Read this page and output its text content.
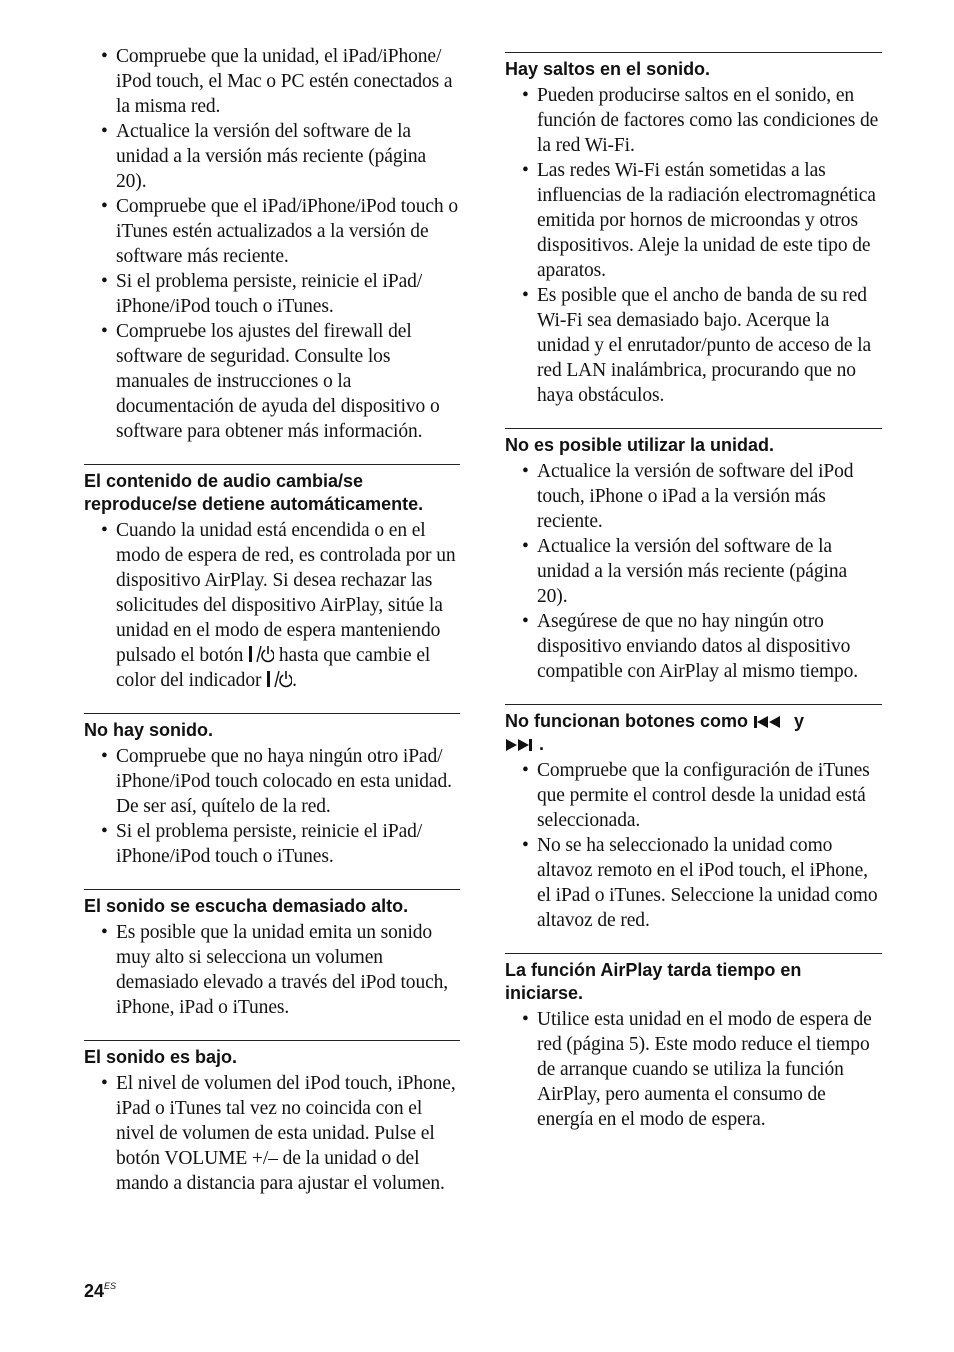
• Compruebe que la unidad, el iPad/iPhone/ iPod touch, el Mac o PC estén conectados a la misma red.
• Actualice la versión del software de la unidad a la versión más reciente (página 20).
• Compruebe que el iPad/iPhone/iPod touch o iTunes estén actualizados a la versión de software más reciente.
• Si el problema persiste, reinicie el iPad/ iPhone/iPod touch o iTunes.
• Compruebe los ajustes del firewall del software de seguridad. Consulte los manuales de instrucciones o la documentación de ayuda del dispositivo o software para obtener más información.
El contenido de audio cambia/se reproduce/se detiene automáticamente.
• Cuando la unidad está encendida o en el modo de espera de red, es controlada por un dispositivo AirPlay. Si desea rechazar las solicitudes del dispositivo AirPlay, sitúe la unidad en el modo de espera manteniendo pulsado el botón hasta que cambie el color del indicador .
No hay sonido.
• Compruebe que no haya ningún otro iPad/ iPhone/iPod touch colocado en esta unidad. De ser así, quítelo de la red.
• Si el problema persiste, reinicie el iPad/ iPhone/iPod touch o iTunes.
El sonido se escucha demasiado alto.
• Es posible que la unidad emita un sonido muy alto si selecciona un volumen demasiado elevado a través del iPod touch, iPhone, iPad o iTunes.
El sonido es bajo.
• El nivel de volumen del iPod touch, iPhone, iPad o iTunes tal vez no coincida con el nivel de volumen de esta unidad. Pulse el botón VOLUME +/– de la unidad o del mando a distancia para ajustar el volumen.
Hay saltos en el sonido.
• Pueden producirse saltos en el sonido, en función de factores como las condiciones de la red Wi-Fi.
• Las redes Wi-Fi están sometidas a las influencias de la radiación electromagnética emitida por hornos de microondas y otros dispositivos. Aleje la unidad de este tipo de aparatos.
• Es posible que el ancho de banda de su red Wi-Fi sea demasiado bajo. Acerque la unidad y el enrutador/punto de acceso de la red LAN inalámbrica, procurando que no haya obstáculos.
No es posible utilizar la unidad.
• Actualice la versión de software del iPod touch, iPhone o iPad a la versión más reciente.
• Actualice la versión del software de la unidad a la versión más reciente (página 20).
• Asegúrese de que no hay ningún otro dispositivo enviando datos al dispositivo compatible con AirPlay al mismo tiempo.
No funcionan botones como	y
.
• Compruebe que la configuración de iTunes que permite el control desde la unidad está seleccionada.
• No se ha seleccionado la unidad como altavoz remoto en el iPod touch, el iPhone, el iPad o iTunes. Seleccione la unidad como altavoz de red.
La función AirPlay tarda tiempo en iniciarse.
• Utilice esta unidad en el modo de espera de red (página 5). Este modo reduce el tiempo de arranque cuando se utiliza la función AirPlay, pero aumenta el consumo de energía en el modo de espera.
$24^{ES}$
